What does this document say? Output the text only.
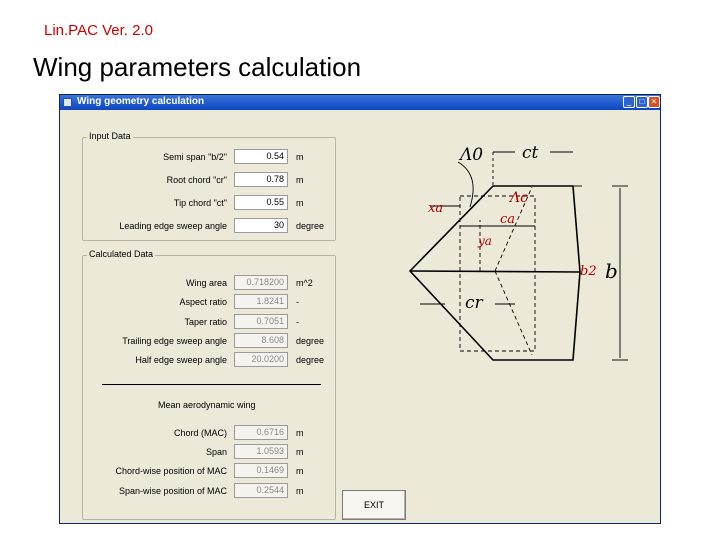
Lin.PAC Ver. 2.0
Wing parameters calculation
Wing geometry calculation	_	□ ✕
Input Data
Semi span "b/2"	0.54	m
Root chord "cr"	0.78	m
Tip chord "ct"	0.55	m
Leading edge sweep angle	30	degree
Calculated Data
Wing area	0.718200	m^2
Aspect ratio	1.8241	-
Taper ratio	0.7051	-
Trailing edge sweep angle	8.608	degree
Half edge sweep angle	20.0200	degree
Mean aerodynamic wing
Chord (MAC)	0.6716	m
Span	1.0593	m
Chord-wise position of MAC	0.1469	m
Span-wise position of MAC	0.2544	m
EXIT
Λ0 ct
Λc
ca
xa
ya
cr
b2 b
